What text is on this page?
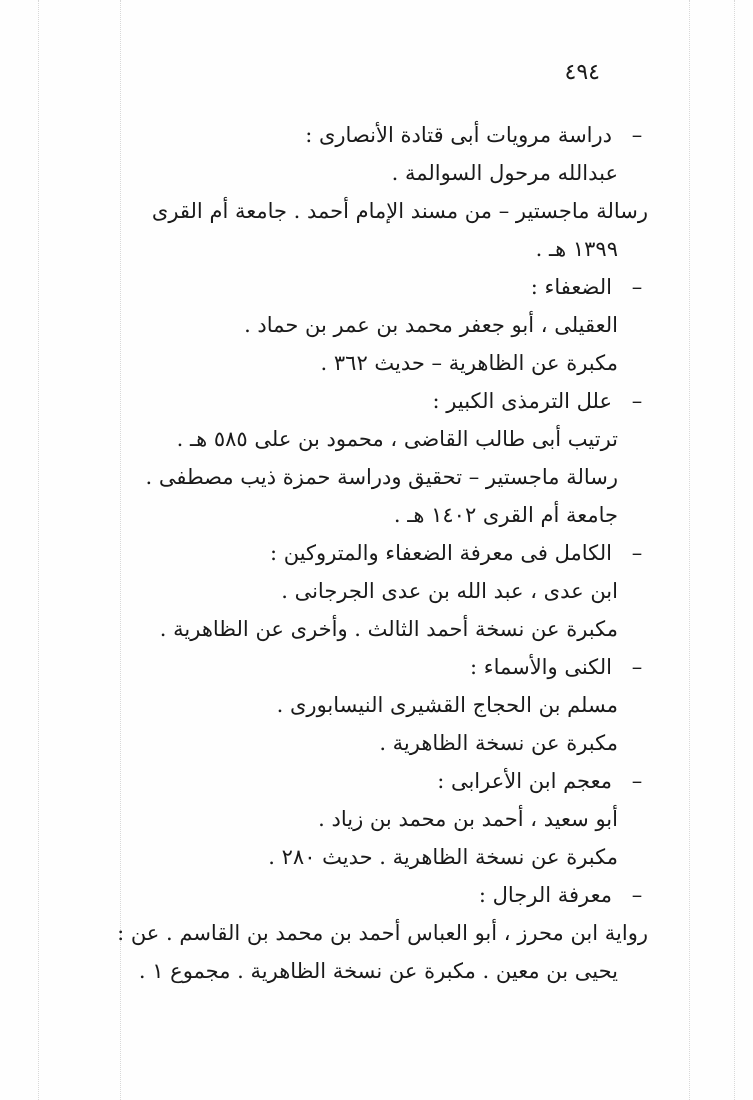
٤٩٤
–دراسة مرويات أبى قتادة الأنصارى :
عبدالله مرحول السوالمة .
رسالة ماجستير – من مسند الإمام أحمد . جامعة أم القرى
١٣٩٩ هـ .
–الضعفاء :
العقيلى ، أبو جعفر محمد بن عمر بن حماد .
مكبرة عن الظاهرية – حديث ٣٦٢ .
–علل الترمذى الكبير :
ترتيب أبى طالب القاضى ، محمود بن على ٥٨٥ هـ .
رسالة ماجستير – تحقيق ودراسة حمزة ذيب مصطفى .
جامعة أم القرى ١٤٠٢ هـ .
–الكامل فى معرفة الضعفاء والمتروكين :
ابن عدى ، عبد الله بن عدى الجرجانى .
مكبرة عن نسخة أحمد الثالث . وأخرى عن الظاهرية .
–الكنى والأسماء :
مسلم بن الحجاج القشيرى النيسابورى .
مكبرة عن نسخة الظاهرية .
–معجم ابن الأعرابى :
أبو سعيد ، أحمد بن محمد بن زياد .
مكبرة عن نسخة الظاهرية . حديث ٢٨٠ .
–معرفة الرجال :
رواية ابن محرز ، أبو العباس أحمد بن محمد بن القاسم . عن :
يحيى بن معين . مكبرة عن نسخة الظاهرية . مجموع ١ .
